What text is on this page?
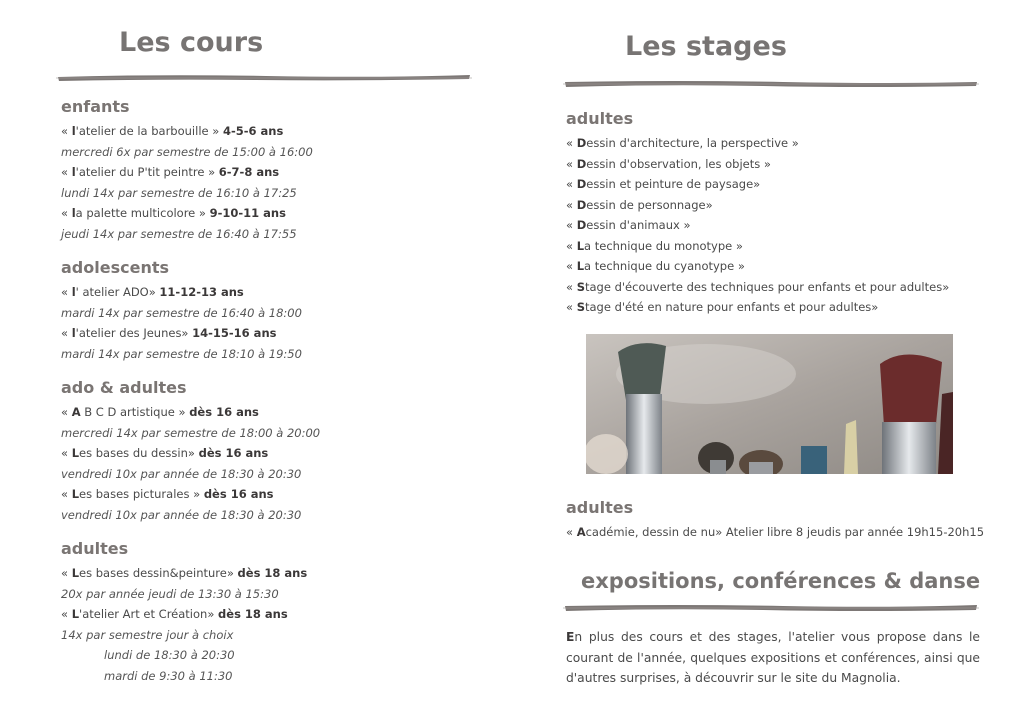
Les cours
enfants

« l'atelier de la barbouille » 4-5-6 ans

mercredi 6x par semestre de 15:00 à 16:00

« l'atelier du P'tit peintre » 6-7-8 ans

lundi 14x par semestre de 16:10 à 17:25

« la palette multicolore » 9-10-11 ans

jeudi 14x par semestre de 16:40 à 17:55

adolescents

« l' atelier ADO» 11-12-13 ans

mardi 14x par semestre de 16:40 à 18:00

« l'atelier des Jeunes» 14-15-16 ans

mardi 14x par semestre de 18:10 à 19:50

ado & adultes

« A B C D artistique » dès 16 ans

mercredi 14x par semestre de 18:00 à 20:00

« Les bases du dessin» dès 16 ans

vendredi 10x par année de 18:30 à 20:30

« Les bases picturales » dès 16 ans

vendredi 10x par année de 18:30 à 20:30

adultes

« Les bases dessin&peinture» dès 18 ans

20x par année jeudi de 13:30 à 15:30

« L'atelier Art et Création» dès 18 ans

14x par semestre jour à choix

lundi de 18:30 à 20:30

mardi de 9:30 à 11:30

Les stages
adultes
« Dessin d'architecture, la perspective »
« Dessin d'observation, les objets »
« Dessin et peinture de paysage»
« Dessin de personnage»
« Dessin d'animaux »
« La technique du monotype »
« La technique du cyanotype »
« Stage d'écouverte des techniques pour enfants et pour adultes»
« Stage d'été en nature pour enfants et pour adultes»
adultes

« Académie, dessin de nu» Atelier libre 8 jeudis par année 19h15-20h15

expositions, conférences & danse

En plus des cours et des stages, l'atelier vous propose dans le courant de l'année, quelques expositions et conférences, ainsi que d'autres surprises, à découvrir sur le site du Magnolia.
